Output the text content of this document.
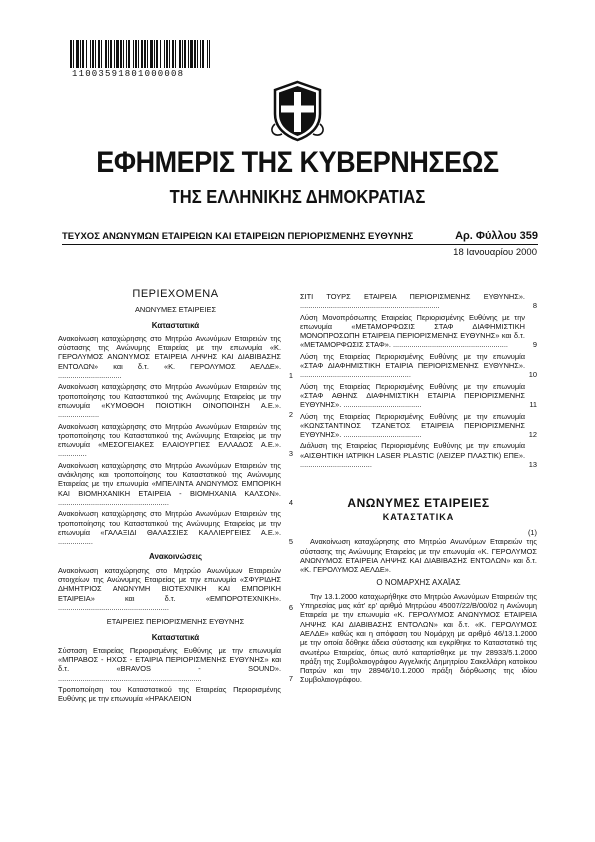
11003591801000008
ΕΦΗΜΕΡΙΣ ΤΗΣ ΚΥΒΕΡΝΗΣΕΩΣ
ΤΗΣ ΕΛΛΗΝΙΚΗΣ ΔΗΜΟΚΡΑΤΙΑΣ
ΤΕΥΧΟΣ ΑΝΩΝΥΜΩΝ ΕΤΑΙΡΕΙΩΝ ΚΑΙ ΕΤΑΙΡΕΙΩΝ ΠΕΡΙΟΡΙΣΜΕΝΗΣ ΕΥΘΥΝΗΣ	Αρ. Φύλλου 359
18 Ιανουαρίου 2000
ΠΕΡΙΕΧΟΜΕΝΑ
ΑΝΩΝΥΜΕΣ ΕΤΑΙΡΕΙΕΣ
Καταστατικά
Ανακοίνωση καταχώρησης στο Μητρώο Ανωνύμων Εταιρειών της σύστασης της Ανώνυμης Εταιρείας με την επωνυμία «Κ. ΓΕΡΟΛΥΜΟΣ ΑΝΩΝΥΜΟΣ ΕΤΑΙΡΕΙΑ ΛΗΨΗΣ ΚΑΙ ΔΙΑΒΙΒΑΣΗΣ ΕΝΤΟΛΩΝ» και δ.τ. «Κ. ΓΕΡΟΛΥΜΟΣ ΑΕΛΔΕ». ...............................	1
Ανακοίνωση καταχώρησης στο Μητρώο Ανωνύμων Εταιρειών της τροποποίησης του Καταστατικού της Ανώνυμης Εταιρείας με την επωνυμία «ΚΥΜΟΘΟΗ ΠΟΙΟΤΙΚΗ ΟΙΝΟΠΟΙΗΣΗ Α.Ε.». ....................	2
Ανακοίνωση καταχώρησης στο Μητρώο Ανωνύμων Εταιρειών της τροποποίησης του Καταστατικού της Ανώνυμης Εταιρείας με την επωνυμία «ΜΕΣΟΓΕΙΑΚΕΣ ΕΛΑΙΟΥΡΓΙΕΣ ΕΛΛΑΔΟΣ Α.Ε.». ..............	3
Ανακοίνωση καταχώρησης στο Μητρώο Ανωνύμων Εταιρειών της ανάκλησης και τροποποίησης του Καταστατικού της Ανώνυμης Εταιρείας με την επωνυμία «ΜΠΕΛΙΝΤΑ ΑΝΩΝΥΜΟΣ ΕΜΠΟΡΙΚΗ ΚΑΙ ΒΙΟΜΗΧΑΝΙΚΗ ΕΤΑΙΡΕΙΑ - ΒΙΟΜΗΧΑΝΙΑ ΚΑΛΣΟΝ». ......................................................	4
Ανακοίνωση καταχώρησης στο Μητρώο Ανωνύμων Εταιρειών της τροποποίησης του Καταστατικού της Ανώνυμης Εταιρείας με την επωνυμία «ΓΑΛΑΞΙΔΙ ΘΑΛΑΣΣΙΕΣ ΚΑΛΛΙΕΡΓΕΙΕΣ Α.Ε.». .................	5
Ανακοινώσεις
Ανακοίνωση καταχώρησης στο Μητρώο Ανωνύμων Εταιρειών στοιχείων της Ανώνυμης Εταιρείας με την επωνυμία «ΣΦΥΡΙΔΗΣ ΔΗΜΗΤΡΙΟΣ ΑΝΩΝΥΜΗ ΒΙΟΤΕΧΝΙΚΗ ΚΑΙ ΕΜΠΟΡΙΚΗ ΕΤΑΙΡΕΙΑ» και δ.τ. «ΕΜΠΟΡΟΤΕΧΝΙΚΗ». ......................................................	6
ΕΤΑΙΡΕΙΕΣ ΠΕΡΙΟΡΙΣΜΕΝΗΣ ΕΥΘΥΝΗΣ
Καταστατικά
Σύσταση Εταιρείας Περιορισμένης Ευθύνης με την επωνυμία «ΜΠΡΑΒΟΣ - ΗΧΟΣ - ΕΤΑΙΡΙΑ ΠΕΡΙΟΡΙΣΜΕΝΗΣ ΕΥΘΥΝΗΣ» και δ.τ. «BRAVOS - SOUND». ......................................................................	7
Τροποποίηση του Καταστατικού της Εταιρείας Περιορισμένης Ευθύνης με την επωνυμία «ΗΡΑΚΛΕΙΟΝ
ΣΙΤΙ ΤΟΥΡΣ ΕΤΑΙΡΕΙΑ ΠΕΡΙΟΡΙΣΜΕΝΗΣ ΕΥΘΥΝΗΣ». ....................................................................	8
Λύση Μονοπρόσωπης Εταιρείας Περιορισμένης Ευθύνης με την επωνυμία «ΜΕΤΑΜΟΡΦΩΣΙΣ ΣΤΑΦ ΔΙΑΦΗΜΙΣΤΙΚΗ ΜΟΝΟΠΡΟΣΩΠΗ ΕΤΑΙΡΕΙΑ ΠΕΡΙΟΡΙΣΜΕΝΗΣ ΕΥΘΥΝΗΣ» και δ.τ. «ΜΕΤΑΜΟΡΦΩΣΙΣ ΣΤΑΦ». ........................................................	9
Λύση της Εταιρείας Περιορισμένης Ευθύνης με την επωνυμία «ΣΤΑΦ ΔΙΑΦΗΜΙΣΤΙΚΗ ΕΤΑΙΡΙΑ ΠΕΡΙΟΡΙΣΜΕΝΗΣ ΕΥΘΥΝΗΣ». ......................................................	10
Λύση της Εταιρείας Περιορισμένης Ευθύνης με την επωνυμία «ΣΤΑΦ ΑΘΗΝΣ ΔΙΑΦΗΜΙΣΤΙΚΗ ΕΤΑΙΡΙΑ ΠΕΡΙΟΡΙΣΜΕΝΗΣ ΕΥΘΥΝΗΣ». ......................................	11
Λύση της Εταιρείας Περιορισμένης Ευθύνης με την επωνυμία «ΚΩΝΣΤΑΝΤΙΝΟΣ ΤΖΑΝΕΤΟΣ ΕΤΑΙΡΕΙΑ ΠΕΡΙΟΡΙΣΜΕΝΗΣ ΕΥΘΥΝΗΣ». ......................................	12
Διάλυση της Εταιρείας Περιορισμένης Ευθύνης με την επωνυμία «ΑΙΣΘΗΤΙΚΗ ΙΑΤΡΙΚΗ LASER PLASTIC (ΛΕΙΖΕΡ ΠΛΑΣΤΙΚ) ΕΠΕ». ...................................	13
ΑΝΩΝΥΜΕΣ ΕΤΑΙΡΕΙΕΣ
ΚΑΤΑΣΤΑΤΙΚΑ

(1)

Ανακοίνωση καταχώρησης στο Μητρώο Ανωνύμων Εταιρειών της σύστασης της Ανώνυμης Εταιρείας με την επωνυμία «Κ. ΓΕΡΟΛΥΜΟΣ ΑΝΩΝΥΜΟΣ ΕΤΑΙΡΕΙΑ ΛΗΨΗΣ ΚΑΙ ΔΙΑΒΙΒΑΣΗΣ ΕΝΤΟΛΩΝ» και δ.τ. «Κ. ΓΕΡΟΛΥΜΟΣ ΑΕΛΔΕ».

Ο ΝΟΜΑΡΧΗΣ ΑΧΑΪΑΣ

Την 13.1.2000 καταχωρήθηκε στο Μητρώο Ανωνύμων Εταιρειών της Υπηρεσίας μας κάτ' ερ' αριθμό Μητρώου 45007/22/Β/00/02 η Ανώνυμη Εταιρεία με την επωνυμία «Κ. ΓΕΡΟΛΥΜΟΣ ΑΝΩΝΥΜΟΣ ΕΤΑΙΡΕΙΑ ΛΗΨΗΣ ΚΑΙ ΔΙΑΒΙΒΑΣΗΣ ΕΝΤΟΛΩΝ» και δ.τ. «Κ. ΓΕΡΟΛΥΜΟΣ ΑΕΛΔΕ» καθώς και η απόφαση του Νομάρχη με αριθμό 46/13.1.2000 με την οποία δόθηκε άδεια σύστασης και εγκρίθηκε το Καταστατικό της ανωτέρω Εταιρείας, όπως αυτό καταρτίσθηκε με την 28933/5.1.2000 πράξη της Συμβολαιογράφου Αγγελικής Δημητρίου Σακελλάρη κατοίκου Πατρών και την 28946/10.1.2000 πράξη διόρθωσης της ιδίου Συμβολαιογράφου.
